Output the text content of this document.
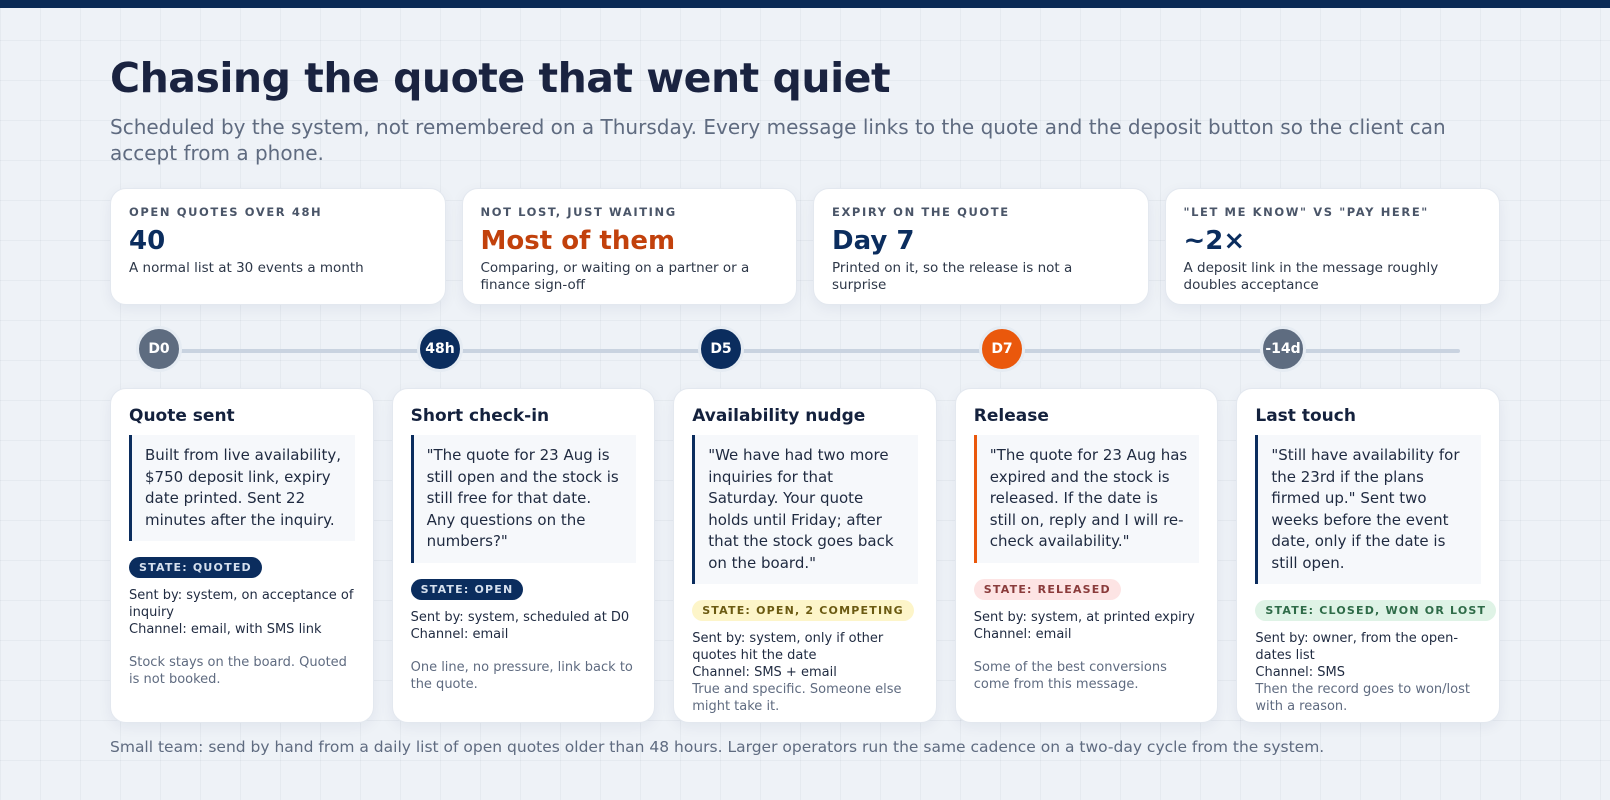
Chasing the quote that went quiet

Scheduled by the system, not remembered on a Thursday. Every message links to the quote and the deposit button so the client can accept from a phone.

OPEN QUOTES OVER 48H
40
A normal list at 30 events a month
NOT LOST, JUST WAITING
Most of them
Comparing, or waiting on a partner or a finance sign-off
EXPIRY ON THE QUOTE
Day 7
Printed on it, so the release is not a surprise
"LET ME KNOW" VS "PAY HERE"
~2×
A deposit link in the message roughly doubles acceptance
D0	48h	D5	D7	-14d
Quote sent
Built from live availability, $750 deposit link, expiry date printed. Sent 22 minutes after the inquiry.
STATE: QUOTED
Sent by: system, on acceptance of inquiry
Channel: email, with SMS link
Stock stays on the board. Quoted is not booked.
Short check-in
"The quote for 23 Aug is still open and the stock is still free for that date. Any questions on the numbers?"
STATE: OPEN
Sent by: system, scheduled at D0
Channel: email
One line, no pressure, link back to the quote.
Availability nudge
"We have had two more inquiries for that Saturday. Your quote holds until Friday; after that the stock goes back on the board."
STATE: OPEN, 2 COMPETING
Sent by: system, only if other quotes hit the date
Channel: SMS + email
True and specific. Someone else might take it.
Release
"The quote for 23 Aug has expired and the stock is released. If the date is still on, reply and I will re-check availability."
STATE: RELEASED
Sent by: system, at printed expiry
Channel: email
Some of the best conversions come from this message.
Last touch
"Still have availability for the 23rd if the plans firmed up." Sent two weeks before the event date, only if the date is still open.
STATE: CLOSED, WON OR LOST
Sent by: owner, from the open-dates list
Channel: SMS
Then the record goes to won/lost with a reason.

Small team: send by hand from a daily list of open quotes older than 48 hours. Larger operators run the same cadence on a two-day cycle from the system.
